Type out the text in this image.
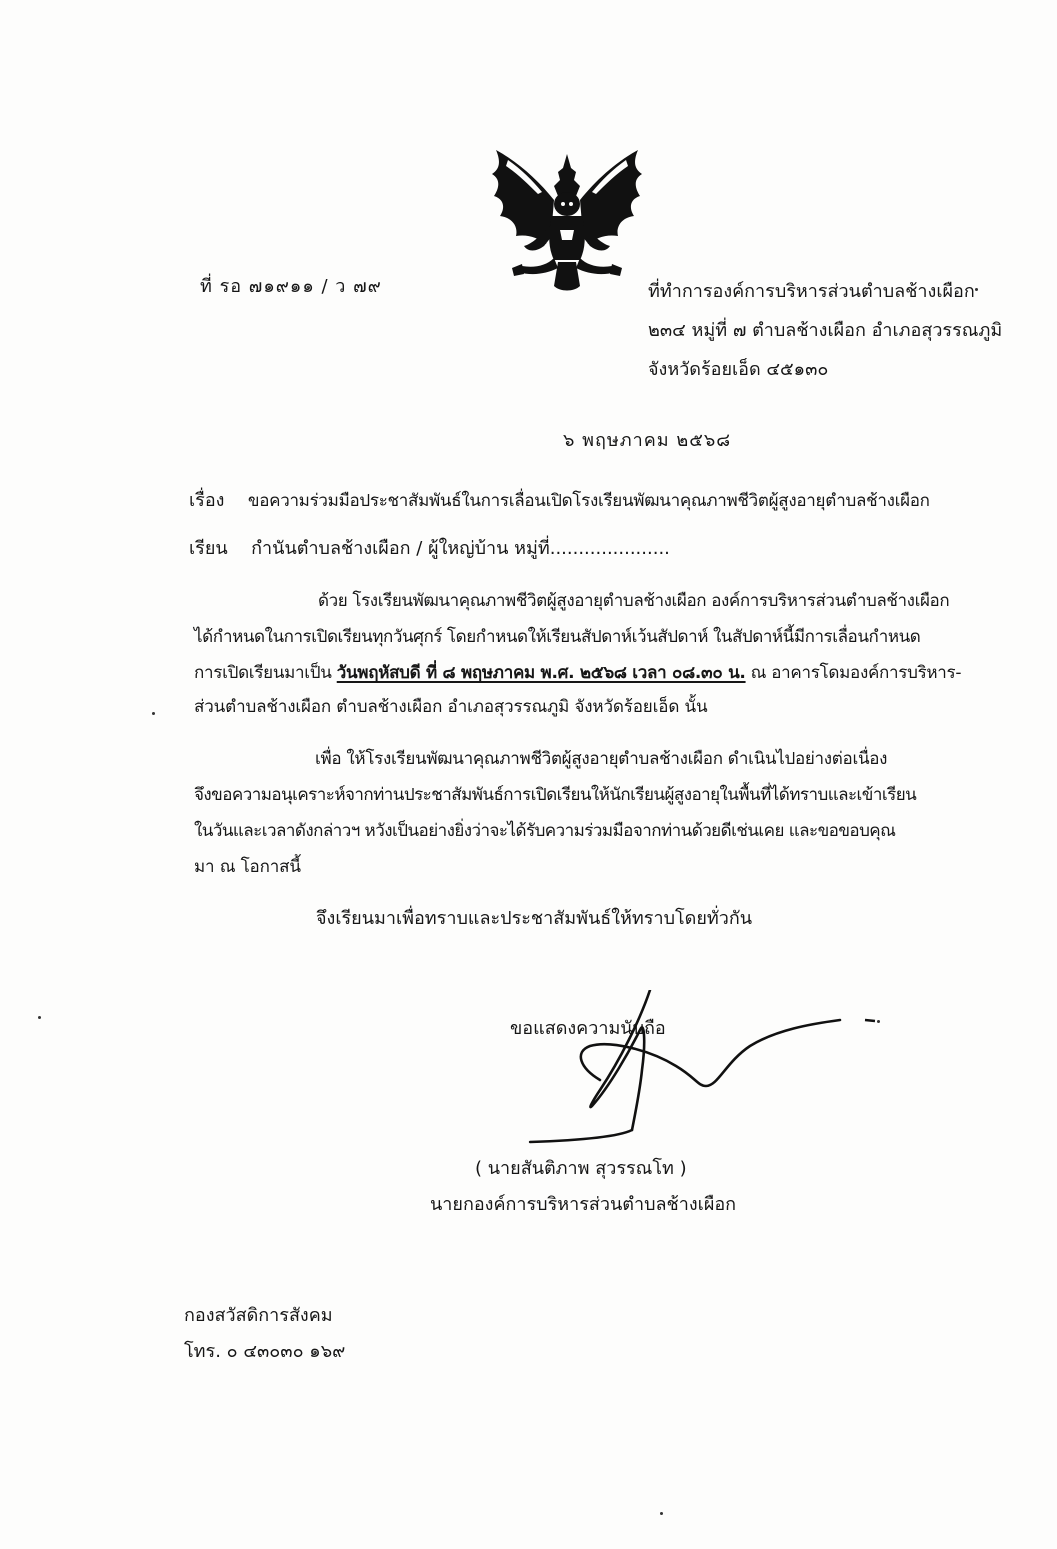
ที่ รอ ๗๑๙๑๑ / ว ๗๙	ที่ทำการองค์การบริหารส่วนตำบลช้างเผือก
๒๓๔ หมู่ที่ ๗ ตำบลช้างเผือก อำเภอสุวรรณภูมิ
จังหวัดร้อยเอ็ด ๔๕๑๓๐
๖ พฤษภาคม ๒๕๖๘
เรื่อง ขอความร่วมมือประชาสัมพันธ์ในการเลื่อนเปิดโรงเรียนพัฒนาคุณภาพชีวิตผู้สูงอายุตำบลช้างเผือก
เรียน กำนันตำบลช้างเผือก / ผู้ใหญ่บ้าน หมู่ที่.....................
ด้วย โรงเรียนพัฒนาคุณภาพชีวิตผู้สูงอายุตำบลช้างเผือก องค์การบริหารส่วนตำบลช้างเผือก
ได้กำหนดในการเปิดเรียนทุกวันศุกร์ โดยกำหนดให้เรียนสัปดาห์เว้นสัปดาห์ ในสัปดาห์นี้มีการเลื่อนกำหนด
การเปิดเรียนมาเป็น วันพฤหัสบดี ที่ ๘ พฤษภาคม พ.ศ. ๒๕๖๘ เวลา ๐๘.๓๐ น. ณ อาคารโดมองค์การบริหาร-
ส่วนตำบลช้างเผือก ตำบลช้างเผือก อำเภอสุวรรณภูมิ จังหวัดร้อยเอ็ด นั้น
เพื่อ ให้โรงเรียนพัฒนาคุณภาพชีวิตผู้สูงอายุตำบลช้างเผือก ดำเนินไปอย่างต่อเนื่อง
จึงขอความอนุเคราะห์จากท่านประชาสัมพันธ์การเปิดเรียนให้นักเรียนผู้สูงอายุในพื้นที่ได้ทราบและเข้าเรียน
ในวันและเวลาดังกล่าวฯ หวังเป็นอย่างยิ่งว่าจะได้รับความร่วมมือจากท่านด้วยดีเช่นเคย และขอขอบคุณ
มา ณ โอกาสนี้
จึงเรียนมาเพื่อทราบและประชาสัมพันธ์ให้ทราบโดยทั่วกัน
ขอแสดงความนับถือ
( นายสันติภาพ สุวรรณโท )
นายกองค์การบริหารส่วนตำบลช้างเผือก
กองสวัสดิการสังคม
โทร. ๐ ๔๓๐๓๐ ๑๖๙
